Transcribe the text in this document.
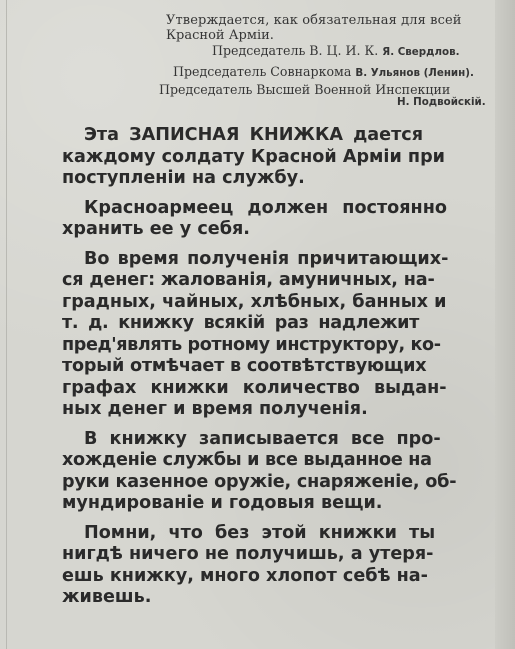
Утверждается, как обязательная для всей
Красной Арміи.
Председатель В. Ц. И. К. Я. Свердлов.
Председатель Совнаркома В. Ульянов (Ленин).
Председатель Высшей Военной Инспекции
Н. Подвойскій.
Эта ЗАПИСНАЯ КНИЖКА дается
каждому солдату Красной Арміи при
поступленіи на службу.
Красноармеец должен постоянно
хранить ее у себя.
Во время полученія причитающих-
ся денег: жалованія, амуничных, на-
градных, чайных, хлѣбных, банных и
т. д. книжку всякій раз надлежит
пред'являть ротному инструктору, ко-
торый отмѣчает в соотвѣтствующих
графах книжки количество выдан-
ных денег и время полученія.
В книжку записывается все про-
хожденіе службы и все выданное на
руки казенное оружіе, снаряженіе, об-
мундированіе и годовыя вещи.
Помни, что без этой книжки ты
нигдѣ ничего не получишь, а утеря-
ешь книжку, много хлопот себѣ на-
живешь.
